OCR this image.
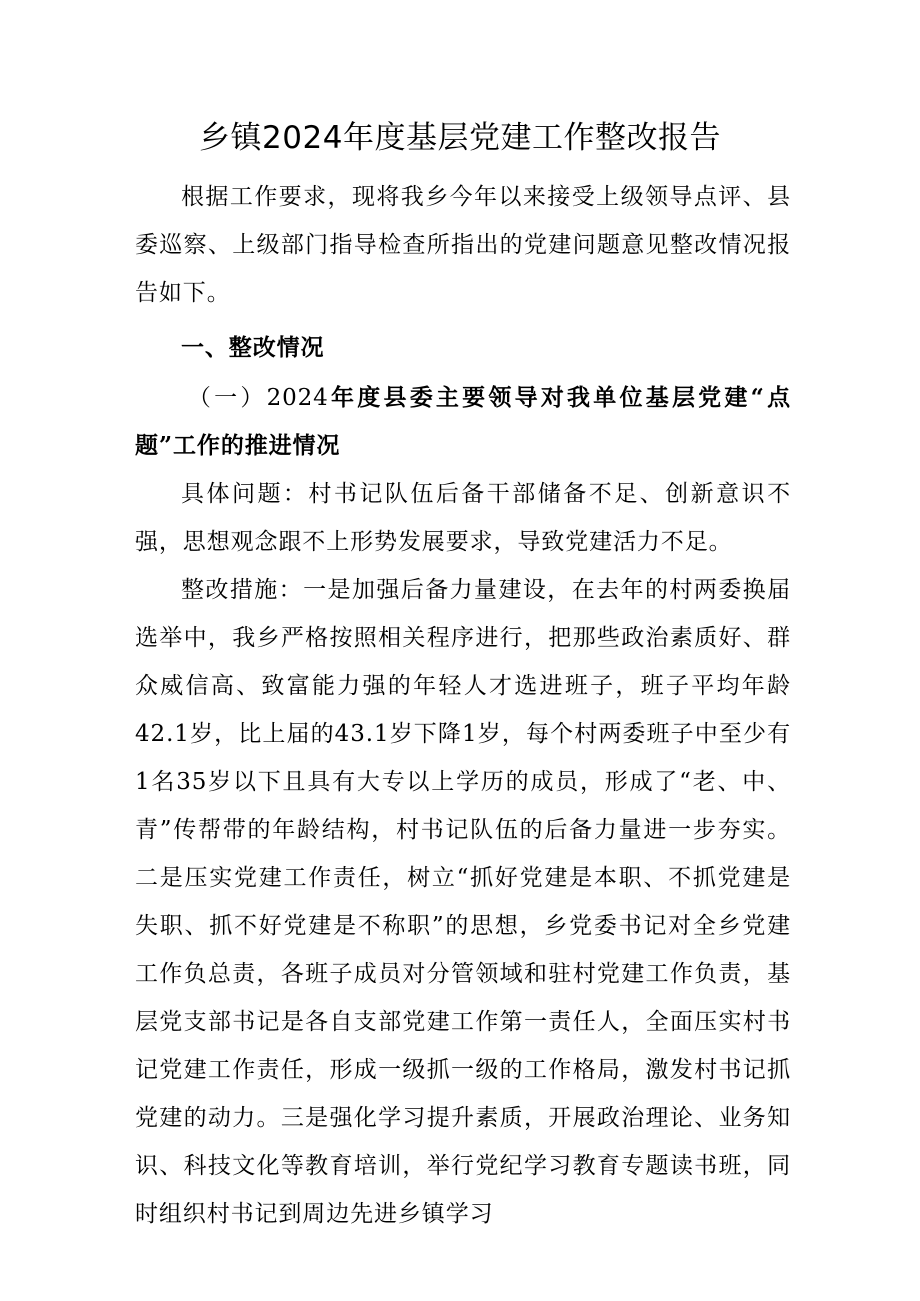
乡镇2024年度基层党建工作整改报告

根据工作要求，现将我乡今年以来接受上级领导点评、县委巡察、上级部门指导检查所指出的党建问题意见整改情况报告如下。

一、整改情况

（一）2024年度县委主要领导对我单位基层党建“点题”工作的推进情况

具体问题：村书记队伍后备干部储备不足、创新意识不强，思想观念跟不上形势发展要求，导致党建活力不足。

整改措施：一是加强后备力量建设，在去年的村两委换届选举中，我乡严格按照相关程序进行，把那些政治素质好、群众威信高、致富能力强的年轻人才选进班子，班子平均年龄42.1岁，比上届的43.1岁下降1岁，每个村两委班子中至少有1名35岁以下且具有大专以上学历的成员，形成了“老、中、青”传帮带的年龄结构，村书记队伍的后备力量进一步夯实。二是压实党建工作责任，树立“抓好党建是本职、不抓党建是失职、抓不好党建是不称职”的思想，乡党委书记对全乡党建工作负总责，各班子成员对分管领域和驻村党建工作负责，基层党支部书记是各自支部党建工作第一责任人，全面压实村书记党建工作责任，形成一级抓一级的工作格局，激发村书记抓党建的动力。三是强化学习提升素质，开展政治理论、业务知识、科技文化等教育培训，举行党纪学习教育专题读书班，同时组织村书记到周边先进乡镇学习
